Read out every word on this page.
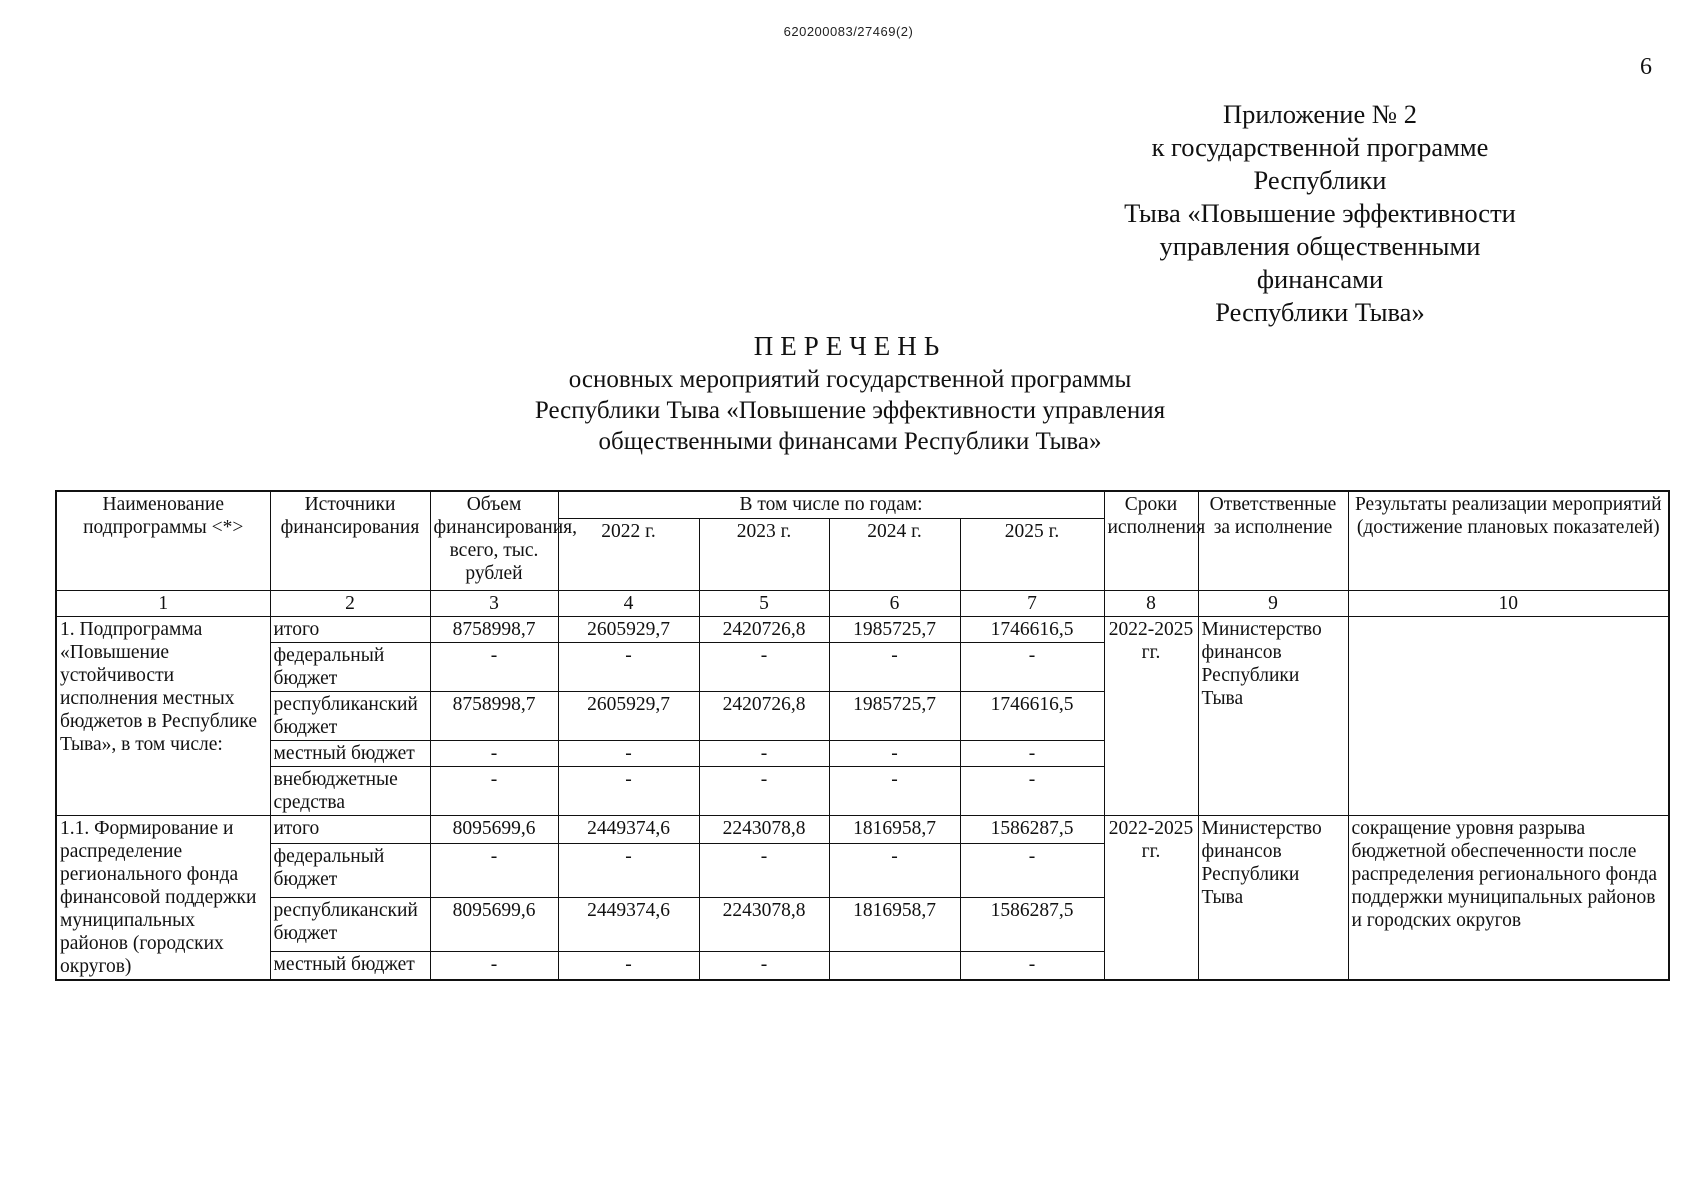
620200083/27469(2)
6
Приложение № 2
к государственной программе Республики
Тыва «Повышение эффективности
управления общественными финансами
Республики Тыва»
ПЕРЕЧЕНЬ
основных мероприятий государственной программы
Республики Тыва «Повышение эффективности управления
общественными финансами Республики Тыва»
Наименование подпрограммы <*>	Источники финансирования	Объем финансирования, всего, тыс. рублей	В том числе по годам:				Сроки исполнения	Ответственные за исполнение	Результаты реализации мероприятий (достижение плановых показателей)
			2022 г.	2023 г.	2024 г.	2025 г.			
1	2	3	4	5	6	7	8	9	10
1. Подпрограмма «Повышение устойчивости исполнения местных бюджетов в Республике Тыва», в том числе:	итого	8758998,7	2605929,7	2420726,8	1985725,7	1746616,5	2022-2025 гг.	Министерство финансов Республики Тыва	
	федеральный бюджет	-	-	-	-	-			
	республиканский бюджет	8758998,7	2605929,7	2420726,8	1985725,7	1746616,5			
	местный бюджет	-	-	-	-	-			
	внебюджетные средства	-	-	-	-	-			
1.1. Формирование и распределение регионального фонда финансовой поддержки муниципальных районов (городских округов)	итого	8095699,6	2449374,6	2243078,8	1816958,7	1586287,5	2022-2025 гг.	Министерство финансов Республики Тыва	сокращение уровня разрыва бюджетной обеспеченности после распределения регионального фонда поддержки муниципальных районов и городских округов
	федеральный бюджет	-	-	-	-	-			
	республиканский бюджет	8095699,6	2449374,6	2243078,8	1816958,7	1586287,5			
	местный бюджет	-	-	-		-			
